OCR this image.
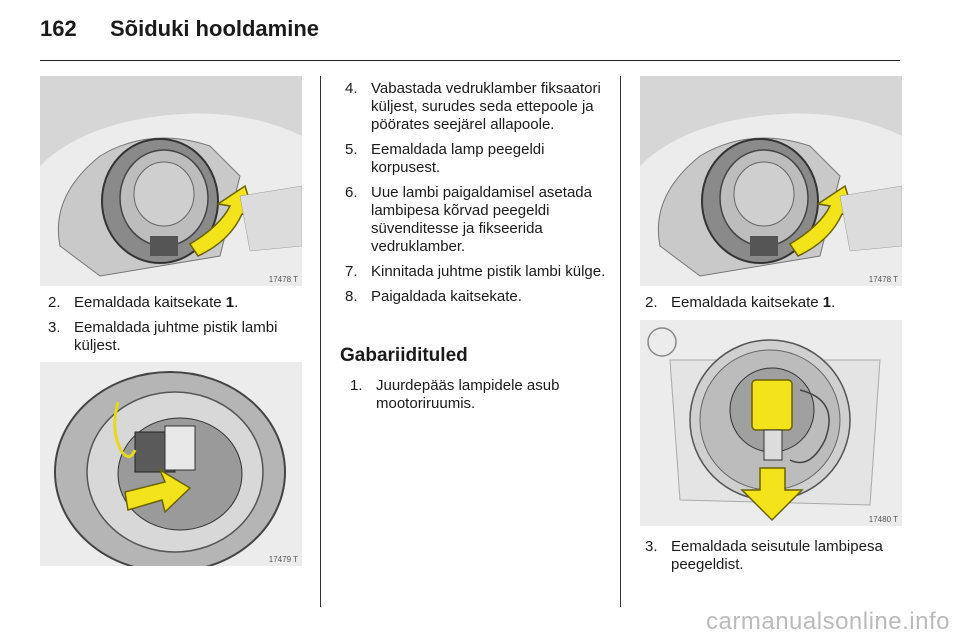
162	Sõiduki hooldamine
17478 T
2. Eemaldada kaitsekate 1.
3. Eemaldada juhtme pistik lambi küljest.
17479 T
4. Vabastada vedruklamber fiksaatori küljest, surudes seda ettepoole ja pöörates seejärel allapoole.
5. Eemaldada lamp peegeldi korpusest.
6. Uue lambi paigaldamisel asetada lambipesa kõrvad peegeldi süvenditesse ja fikseerida vedruklamber.
7. Kinnitada juhtme pistik lambi külge.
8. Paigaldada kaitsekate.
Gabariidituled
1. Juurdepääs lampidele asub mootoriruumis.
17478 T
2. Eemaldada kaitsekate 1.
17480 T
3. Eemaldada seisutule lambipesa peegeldist.
carmanualsonline.info
